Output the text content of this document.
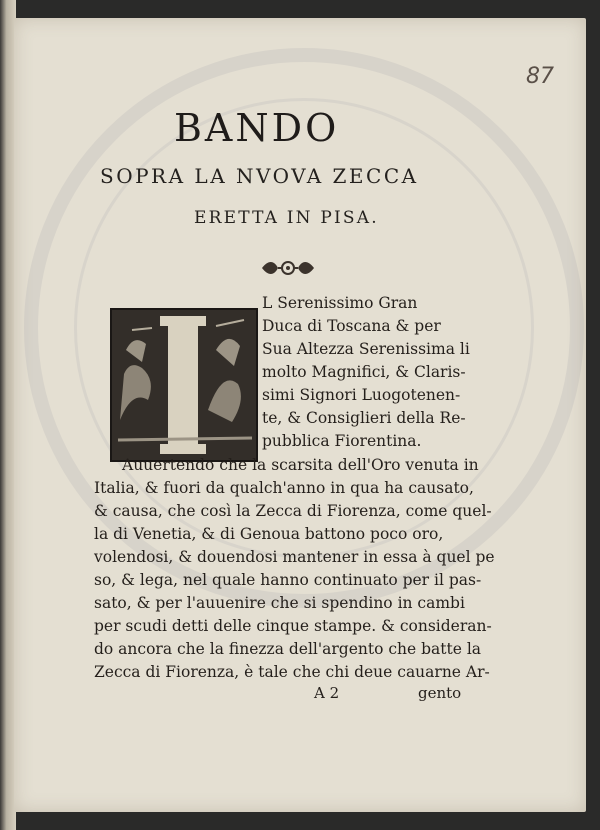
87
BANDO
SOPRA LA NVOVA ZECCA
ERETTA IN PISA.
L Serenissimo Gran
Duca di Toscana & per
Sua Altezza Serenissima li
molto Magnifici, & Claris-
simi Signori Luogotenen-
te, & Consiglieri della Re-
pubblica Fiorentina.
Auuertendo che la scarsita dell'Oro venuta in
Italia, & fuori da qualch'anno in qua ha causato,
& causa, che così la Zecca di Fiorenza, come quel-
la di Venetia, & di Genoua battono poco oro,
volendosi, & douendosi mantener in essa à quel pe
so, & lega, nel quale hanno continuato per il pas-
sato, & per l'auuenire che si spendino in cambi
per scudi detti delle cinque stampe. & consideran-
do ancora che la finezza dell'argento che batte la
Zecca di Fiorenza, è tale che chi deue cauarne Ar-
A 2	gento
